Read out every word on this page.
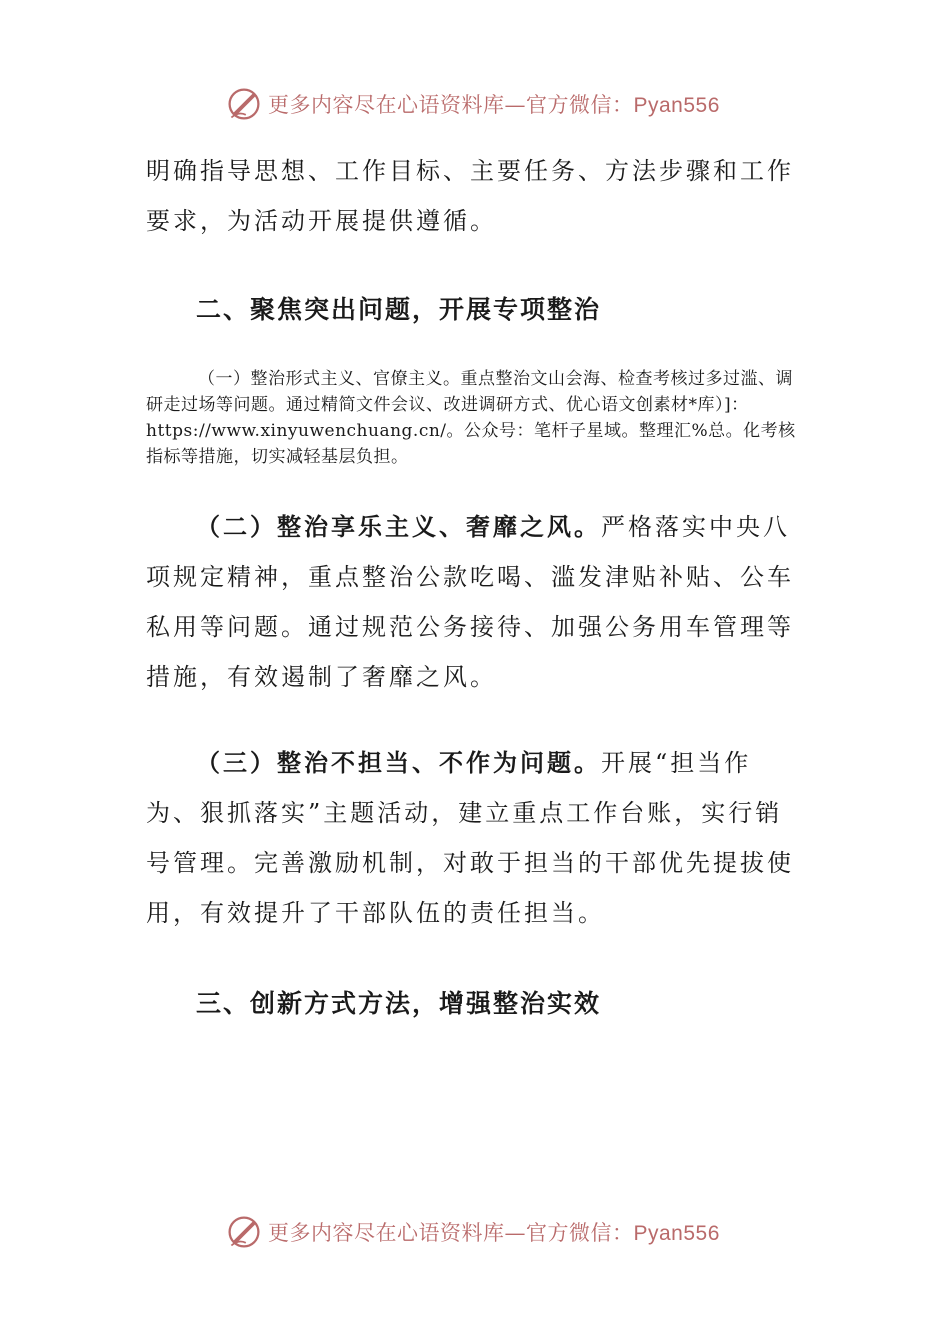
更多内容尽在心语资料库—官方微信：Pyan556

明确指导思想、工作目标、主要任务、方法步骤和工作要求，为活动开展提供遵循。

二、聚焦突出问题，开展专项整治

（一）整治形式主义、官僚主义。重点整治文山会海、检查考核过多过滥、调研走过场等问题。通过精简文件会议、改进调研方式、优心语文创素材*库）]：https://www.xinyuwenchuang.cn/。公众号：笔杆子星域。整理汇%总。化考核指标等措施，切实减轻基层负担。

（二）整治享乐主义、奢靡之风。严格落实中央八项规定精神，重点整治公款吃喝、滥发津贴补贴、公车私用等问题。通过规范公务接待、加强公务用车管理等措施，有效遏制了奢靡之风。

（三）整治不担当、不作为问题。开展“担当作为、狠抓落实”主题活动，建立重点工作台账，实行销号管理。完善激励机制，对敢于担当的干部优先提拔使用，有效提升了干部队伍的责任担当。

三、创新方式方法，增强整治实效

更多内容尽在心语资料库—官方微信：Pyan556
